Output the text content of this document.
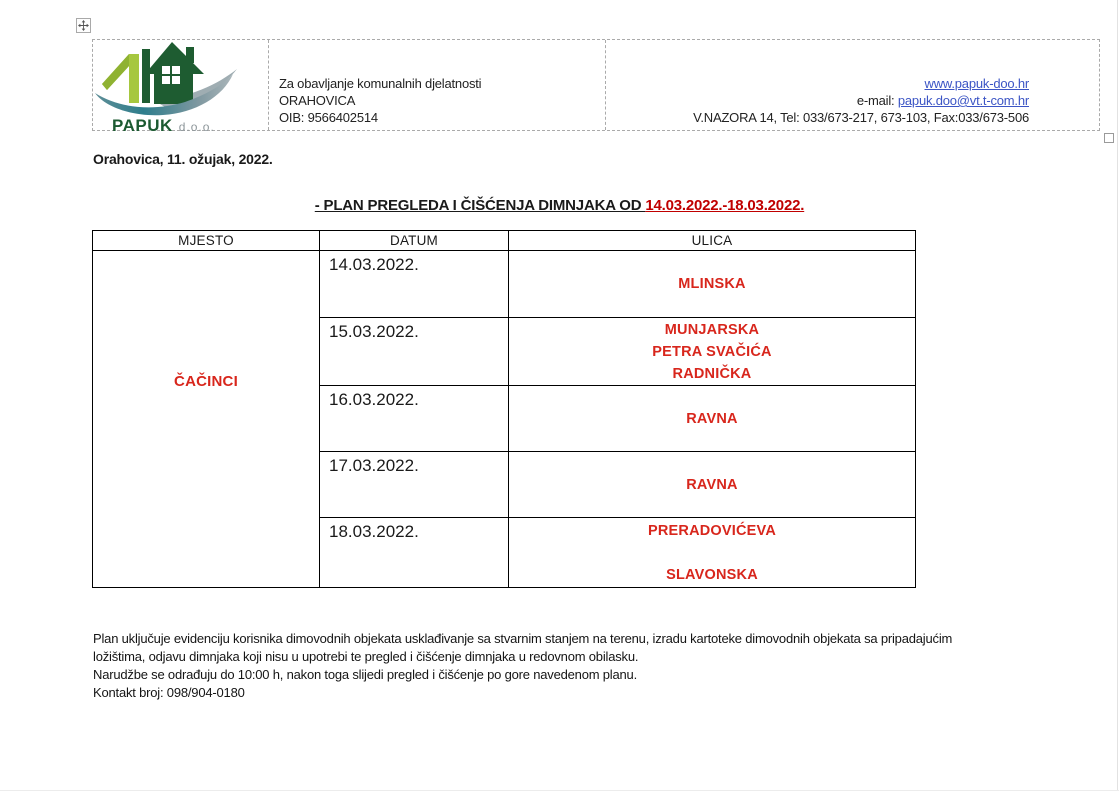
PAPUK d.o.o.
Za obavljanje komunalnih djelatnosti
ORAHOVICA
OIB: 9566402514
www.papuk-doo.hr
e-mail: papuk.doo@vt.t-com.hr
V.NAZORA 14, Tel: 033/673-217, 673-103, Fax:033/673-506
Orahovica, 11. ožujak, 2022.
- PLAN PREGLEDA I ČIŠĆENJA DIMNJAKA OD 14.03.2022.-18.03.2022.
MJESTO	DATUM	ULICA
ČAČINCI	14.03.2022.	MLINSKA

	15.03.2022.	MUNJARSKA
PETRA SVAČIĆA
RADNIČKA

	16.03.2022.	RAVNA

	17.03.2022.	RAVNA

	18.03.2022.	PRERADOVIĆEVA
SLAVONSKA
Plan uključuje evidenciju korisnika dimovodnih objekata usklađivanje sa stvarnim stanjem na terenu, izradu kartoteke dimovodnih objekata sa pripadajućim
ložištima, odjavu dimnjaka koji nisu u upotrebi te pregled i čišćenje dimnjaka u redovnom obilasku.
Narudžbe se odrađuju do 10:00 h, nakon toga slijedi pregled i čišćenje po gore navedenom planu.
Kontakt broj: 098/904-0180
